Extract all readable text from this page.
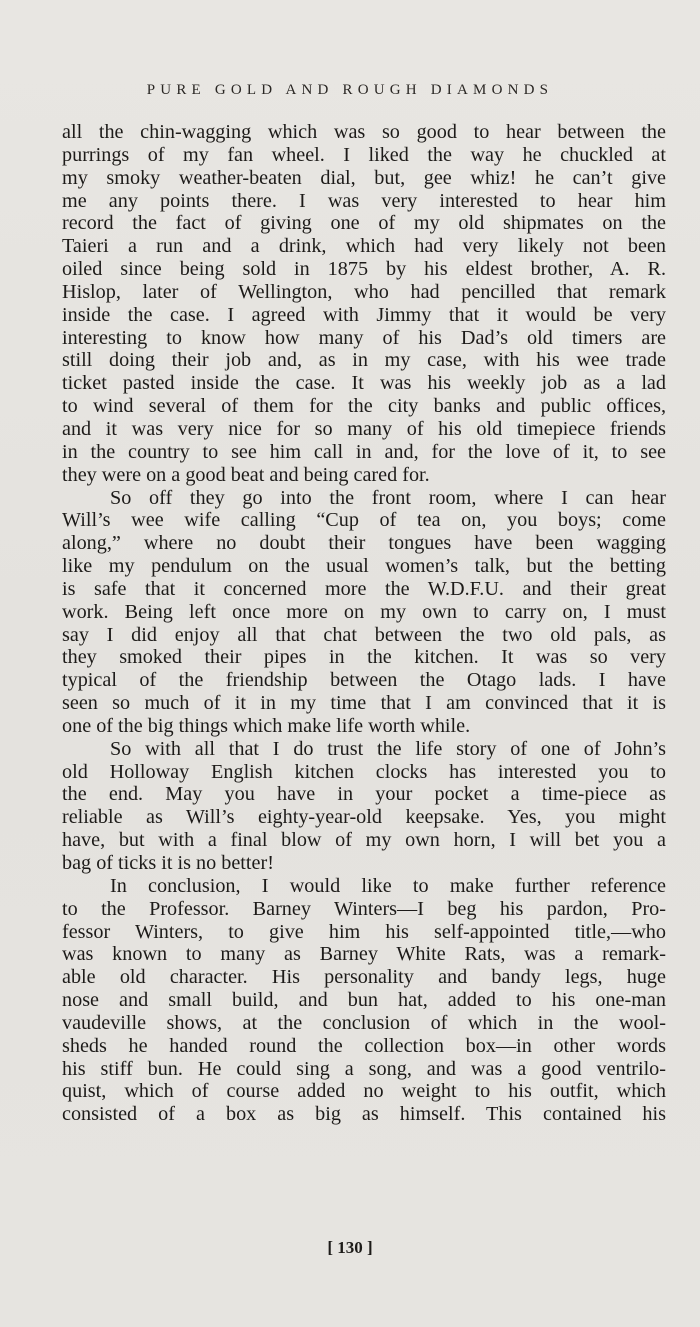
PURE GOLD AND ROUGH DIAMONDS
all the chin-wagging which was so good to hear between the
purrings of my fan wheel. I liked the way he chuckled at
my smoky weather-beaten dial, but, gee whiz! he can’t give
me any points there. I was very interested to hear him
record the fact of giving one of my old shipmates on the
Taieri a run and a drink, which had very likely not been
oiled since being sold in 1875 by his eldest brother, A. R.
Hislop, later of Wellington, who had pencilled that remark
inside the case. I agreed with Jimmy that it would be very
interesting to know how many of his Dad’s old timers are
still doing their job and, as in my case, with his wee trade
ticket pasted inside the case. It was his weekly job as a lad
to wind several of them for the city banks and public offices,
and it was very nice for so many of his old timepiece friends
in the country to see him call in and, for the love of it, to see
they were on a good beat and being cared for.
So off they go into the front room, where I can hear
Will’s wee wife calling “Cup of tea on, you boys; come
along,” where no doubt their tongues have been wagging
like my pendulum on the usual women’s talk, but the betting
is safe that it concerned more the W.D.F.U. and their great
work. Being left once more on my own to carry on, I must
say I did enjoy all that chat between the two old pals, as
they smoked their pipes in the kitchen. It was so very
typical of the friendship between the Otago lads. I have
seen so much of it in my time that I am convinced that it is
one of the big things which make life worth while.
So with all that I do trust the life story of one of John’s
old Holloway English kitchen clocks has interested you to
the end. May you have in your pocket a time-piece as
reliable as Will’s eighty-year-old keepsake. Yes, you might
have, but with a final blow of my own horn, I will bet you a
bag of ticks it is no better!
In conclusion, I would like to make further reference
to the Professor. Barney Winters—I beg his pardon, Pro-
fessor Winters, to give him his self-appointed title,—who
was known to many as Barney White Rats, was a remark-
able old character. His personality and bandy legs, huge
nose and small build, and bun hat, added to his one-man
vaudeville shows, at the conclusion of which in the wool-
sheds he handed round the collection box—in other words
his stiff bun. He could sing a song, and was a good ventrilo-
quist, which of course added no weight to his outfit, which
consisted of a box as big as himself. This contained his
[ 130 ]
